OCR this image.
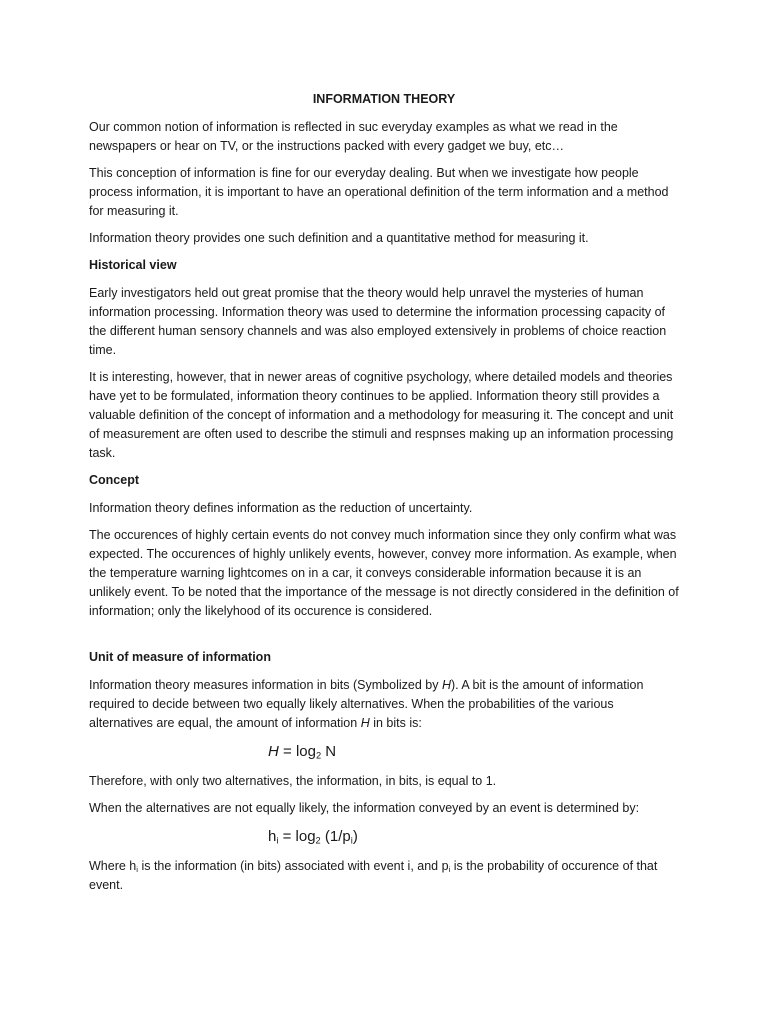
INFORMATION THEORY

Our common notion of information is reflected in suc everyday examples as what we read in the newspapers or hear on TV, or the instructions packed with every gadget we buy, etc…

This conception of information is fine for our everyday dealing. But when we investigate how people process information, it is important to have an operational definition of the term information and a method for measuring it.

Information theory provides one such definition and a quantitative method for measuring it.

Historical view

Early investigators held out great promise that the theory would help unravel the mysteries of human information processing. Information theory was used to determine the information processing capacity of the different human sensory channels and was also employed extensively in problems of choice reaction time.

It is interesting, however, that in newer areas of cognitive psychology, where detailed models and theories have yet to be formulated, information theory continues to be applied. Information theory still provides a valuable definition of the concept of information and a methodology for measuring it. The concept and unit of measurement are often used to describe the stimuli and respnses making up an information processing task.

Concept

Information theory defines information as the reduction of uncertainty.

The occurences of highly certain events do not convey much information since they only confirm what was expected. The occurences of highly unlikely events, however, convey more information. As example, when the temperature warning lightcomes on in a car, it conveys considerable information because it is an unlikely event. To be noted that the importance of the message is not directly considered in the definition of information; only the likelyhood of its occurence is considered.

Unit of measure of information

Information theory measures information in bits (Symbolized by H). A bit is the amount of information required to decide between two equally likely alternatives. When the probabilities of the various alternatives are equal, the amount of information H in bits is:

$H = \log_2 N$

Therefore, with only two alternatives, the information, in bits, is equal to 1.

When the alternatives are not equally likely, the information conveyed by an event is determined by:

$h_i = \log_2 (1/p_i)$

Where $h_i$ is the information (in bits) associated with event i, and $p_i$ is the probability of occurence of that event.
